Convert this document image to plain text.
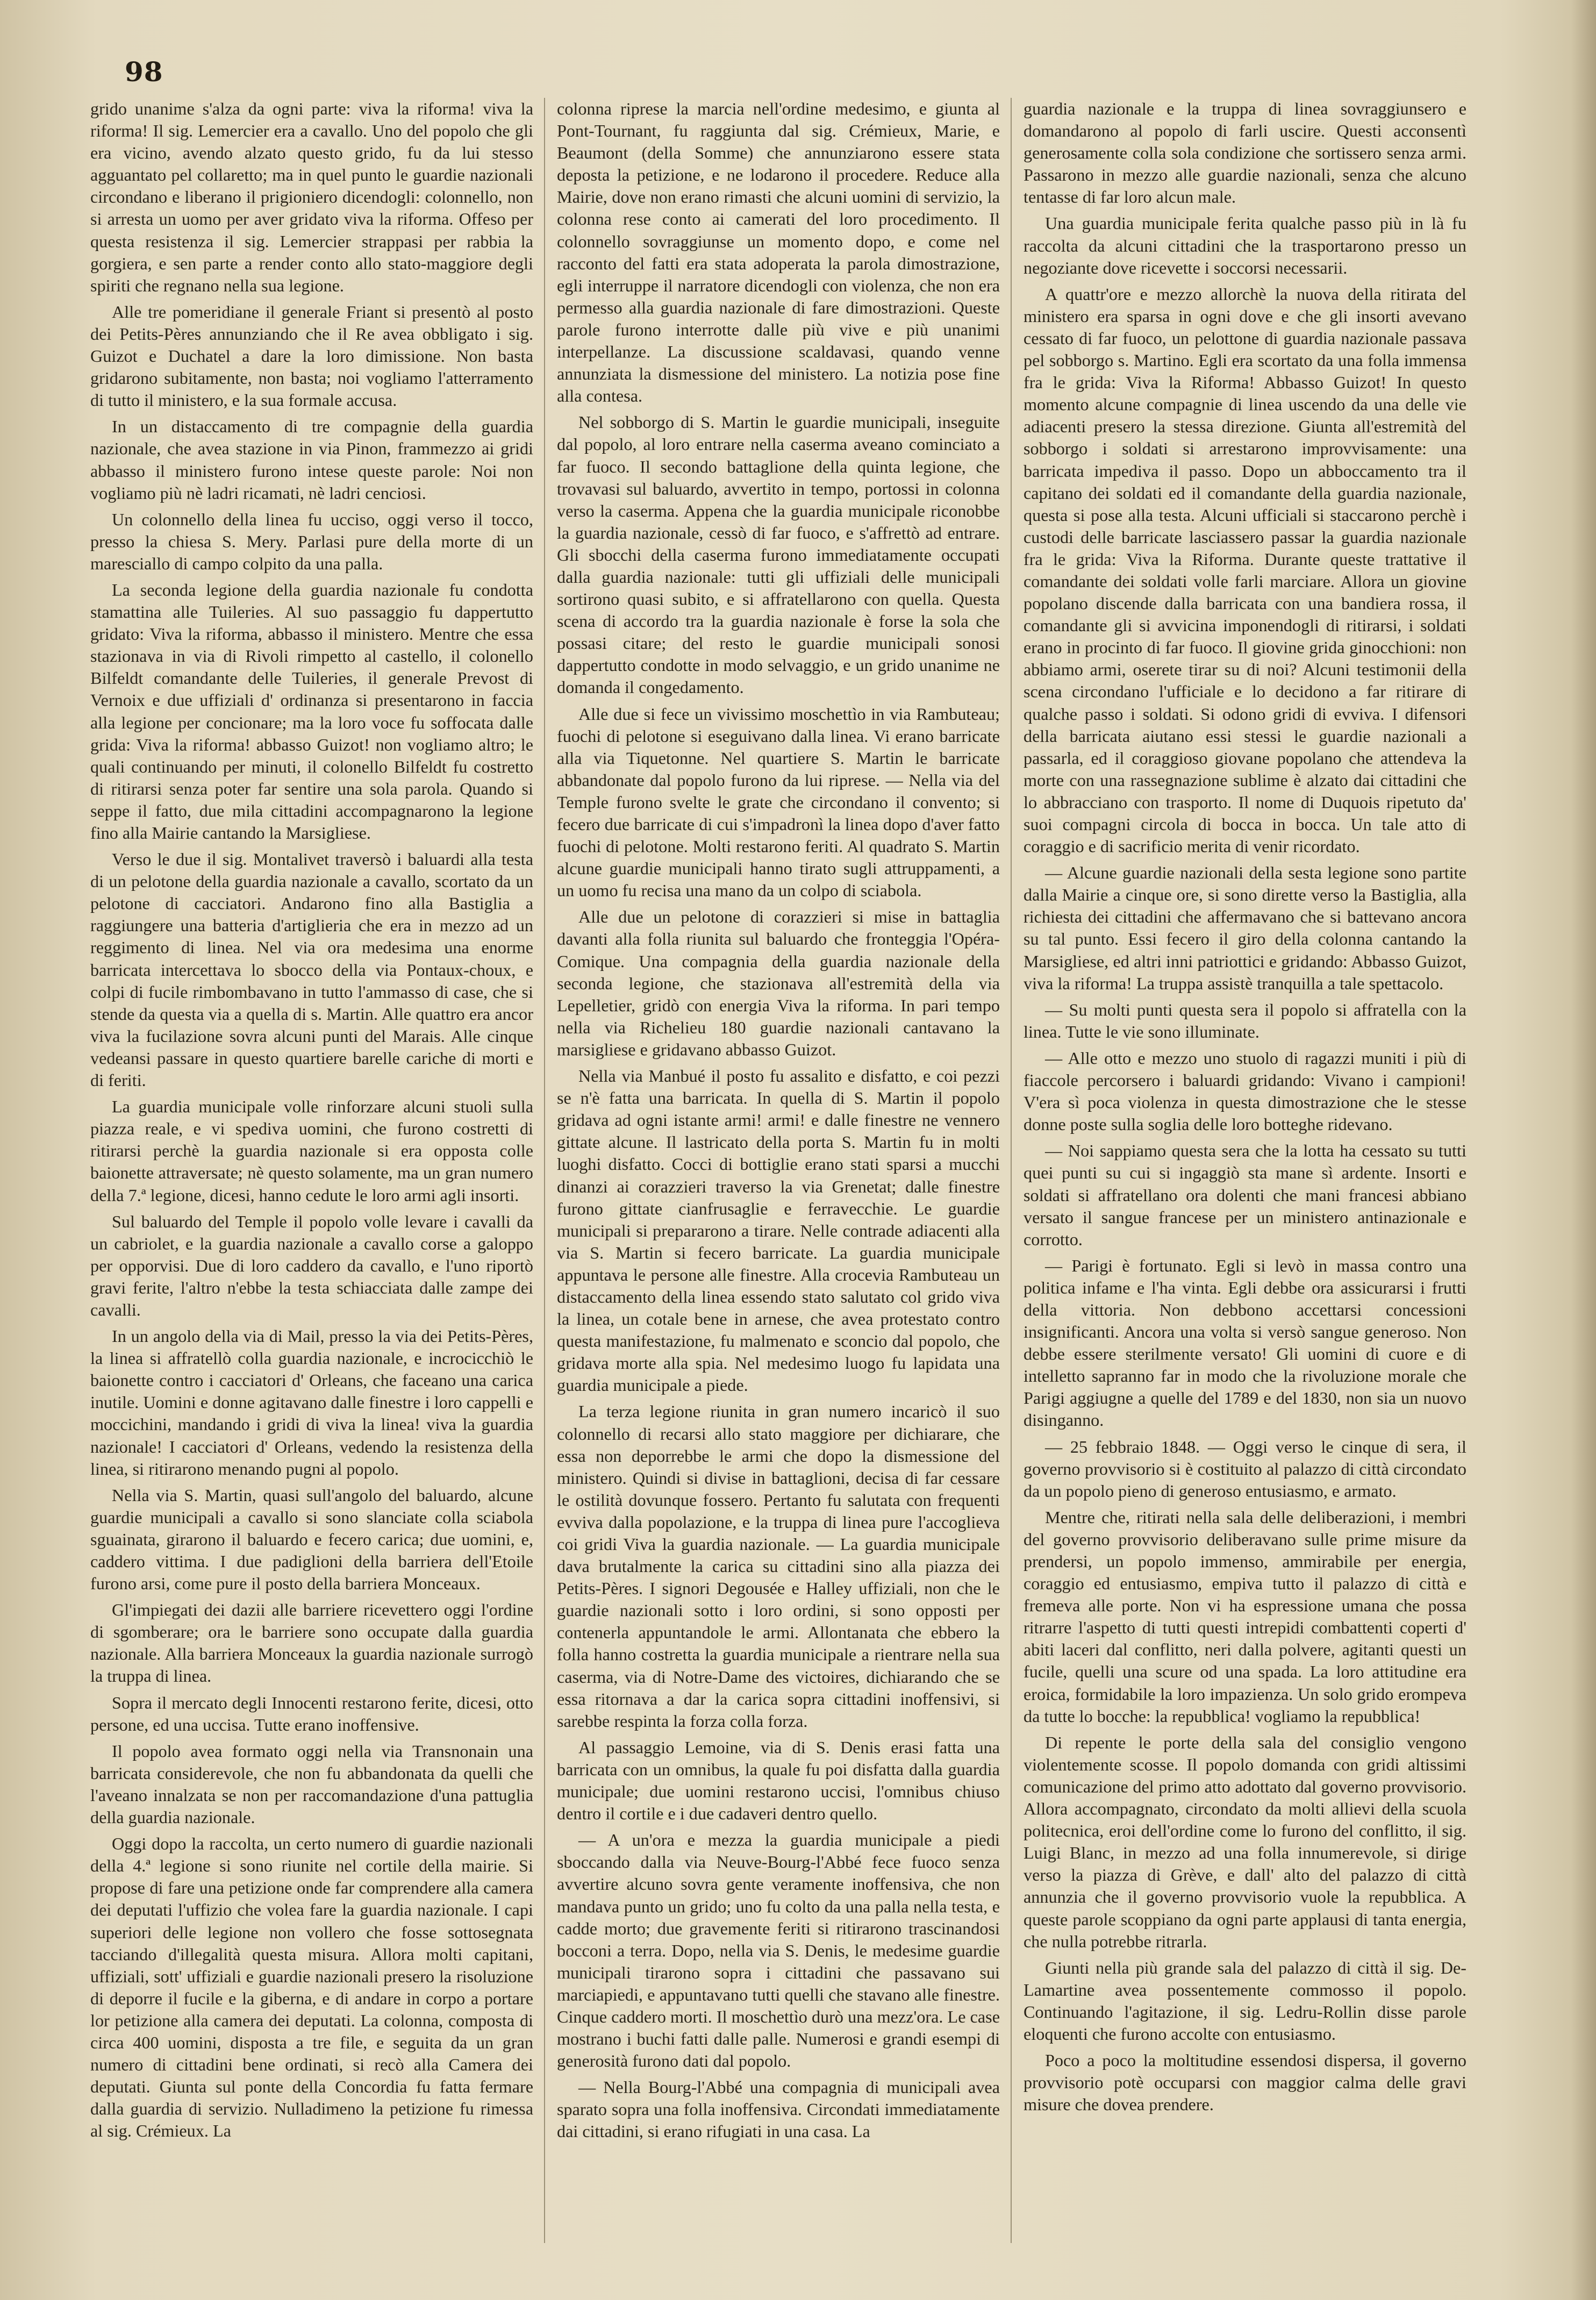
98

grido unanime s'alza da ogni parte: viva la riforma! viva la riforma! Il sig. Lemercier era a cavallo. Uno del popolo che gli era vicino, avendo alzato questo grido, fu da lui stesso agguantato pel collaretto; ma in quel punto le guardie nazionali circondano e liberano il prigioniero dicendogli: colonnello, non si arresta un uomo per aver gridato viva la riforma. Offeso per questa resistenza il sig. Lemercier strappasi per rabbia la gorgiera, e sen parte a render conto allo stato-maggiore degli spiriti che regnano nella sua legione.

Alle tre pomeridiane il generale Friant si presentò al posto dei Petits-Pères annunziando che il Re avea obbligato i sig. Guizot e Duchatel a dare la loro dimissione. Non basta gridarono subitamente, non basta; noi vogliamo l'atterramento di tutto il ministero, e la sua formale accusa.

In un distaccamento di tre compagnie della guardia nazionale, che avea stazione in via Pinon, frammezzo ai gridi abbasso il ministero furono intese queste parole: Noi non vogliamo più nè ladri ricamati, nè ladri cenciosi.

Un colonnello della linea fu ucciso, oggi verso il tocco, presso la chiesa S. Mery. Parlasi pure della morte di un maresciallo di campo colpito da una palla.

La seconda legione della guardia nazionale fu condotta stamattina alle Tuileries. Al suo passaggio fu dappertutto gridato: Viva la riforma, abbasso il ministero. Mentre che essa stazionava in via di Rivoli rimpetto al castello, il colonello Bilfeldt comandante delle Tuileries, il generale Prevost di Vernoix e due uffiziali d' ordinanza si presentarono in faccia alla legione per concionare; ma la loro voce fu soffocata dalle grida: Viva la riforma! abbasso Guizot! non vogliamo altro; le quali continuando per minuti, il colonello Bilfeldt fu costretto di ritirarsi senza poter far sentire una sola parola. Quando si seppe il fatto, due mila cittadini accompagnarono la legione fino alla Mairie cantando la Marsigliese.

Verso le due il sig. Montalivet traversò i baluardi alla testa di un pelotone della guardia nazionale a cavallo, scortato da un pelotone di cacciatori. Andarono fino alla Bastiglia a raggiungere una batteria d'artiglieria che era in mezzo ad un reggimento di linea. Nel via ora medesima una enorme barricata intercettava lo sbocco della via Pontaux-choux, e colpi di fucile rimbombavano in tutto l'ammasso di case, che si stende da questa via a quella di s. Martin. Alle quattro era ancor viva la fucilazione sovra alcuni punti del Marais. Alle cinque vedeansi passare in questo quartiere barelle cariche di morti e di feriti.

La guardia municipale volle rinforzare alcuni stuoli sulla piazza reale, e vi spediva uomini, che furono costretti di ritirarsi perchè la guardia nazionale si era opposta colle baionette attraversate; nè questo solamente, ma un gran numero della 7.ª legione, dicesi, hanno cedute le loro armi agli insorti.

Sul baluardo del Temple il popolo volle levare i cavalli da un cabriolet, e la guardia nazionale a cavallo corse a galoppo per opporvisi. Due di loro caddero da cavallo, e l'uno riportò gravi ferite, l'altro n'ebbe la testa schiacciata dalle zampe dei cavalli.

In un angolo della via di Mail, presso la via dei Petits-Pères, la linea si affratellò colla guardia nazionale, e incrocicchiò le baionette contro i cacciatori d' Orleans, che faceano una carica inutile. Uomini e donne agitavano dalle finestre i loro cappelli e moccichini, mandando i gridi di viva la linea! viva la guardia nazionale! I cacciatori d' Orleans, vedendo la resistenza della linea, si ritirarono menando pugni al popolo.

Nella via S. Martin, quasi sull'angolo del baluardo, alcune guardie municipali a cavallo si sono slanciate colla sciabola sguainata, girarono il baluardo e fecero carica; due uomini, e, caddero vittima. I due padiglioni della barriera dell'Etoile furono arsi, come pure il posto della barriera Monceaux.

Gl'impiegati dei dazii alle barriere ricevettero oggi l'ordine di sgomberare; ora le barriere sono occupate dalla guardia nazionale. Alla barriera Monceaux la guardia nazionale surrogò la truppa di linea.

Sopra il mercato degli Innocenti restarono ferite, dicesi, otto persone, ed una uccisa. Tutte erano inoffensive.

Il popolo avea formato oggi nella via Transnonain una barricata considerevole, che non fu abbandonata da quelli che l'aveano innalzata se non per raccomandazione d'una pattuglia della guardia nazionale.

Oggi dopo la raccolta, un certo numero di guardie nazionali della 4.ª legione si sono riunite nel cortile della mairie. Si propose di fare una petizione onde far comprendere alla camera dei deputati l'uffizio che volea fare la guardia nazionale. I capi superiori delle legione non vollero che fosse sottosegnata tacciando d'illegalità questa misura. Allora molti capitani, uffiziali, sott' uffiziali e guardie nazionali presero la risoluzione di deporre il fucile e la giberna, e di andare in corpo a portare lor petizione alla camera dei deputati. La colonna, composta di circa 400 uomini, disposta a tre file, e seguita da un gran numero di cittadini bene ordinati, si recò alla Camera dei deputati. Giunta sul ponte della Concordia fu fatta fermare dalla guardia di servizio. Nulladimeno la petizione fu rimessa al sig. Crémieux. La

colonna riprese la marcia nell'ordine medesimo, e giunta al Pont-Tournant, fu raggiunta dal sig. Crémieux, Marie, e Beaumont (della Somme) che annunziarono essere stata deposta la petizione, e ne lodarono il procedere. Reduce alla Mairie, dove non erano rimasti che alcuni uomini di servizio, la colonna rese conto ai camerati del loro procedimento. Il colonnello sovraggiunse un momento dopo, e come nel racconto del fatti era stata adoperata la parola dimostrazione, egli interruppe il narratore dicendogli con violenza, che non era permesso alla guardia nazionale di fare dimostrazioni. Queste parole furono interrotte dalle più vive e più unanimi interpellanze. La discussione scaldavasi, quando venne annunziata la dismessione del ministero. La notizia pose fine alla contesa.

Nel sobborgo di S. Martin le guardie municipali, inseguite dal popolo, al loro entrare nella caserma aveano cominciato a far fuoco. Il secondo battaglione della quinta legione, che trovavasi sul baluardo, avvertito in tempo, portossi in colonna verso la caserma. Appena che la guardia municipale riconobbe la guardia nazionale, cessò di far fuoco, e s'affrettò ad entrare. Gli sbocchi della caserma furono immediatamente occupati dalla guardia nazionale: tutti gli uffiziali delle municipali sortirono quasi subito, e si affratellarono con quella. Questa scena di accordo tra la guardia nazionale è forse la sola che possasi citare; del resto le guardie municipali sonosi dappertutto condotte in modo selvaggio, e un grido unanime ne domanda il congedamento.

Alle due si fece un vivissimo moschettìo in via Rambuteau; fuochi di pelotone si eseguivano dalla linea. Vi erano barricate alla via Tiquetonne. Nel quartiere S. Martin le barricate abbandonate dal popolo furono da lui riprese. — Nella via del Temple furono svelte le grate che circondano il convento; si fecero due barricate di cui s'impadronì la linea dopo d'aver fatto fuochi di pelotone. Molti restarono feriti. Al quadrato S. Martin alcune guardie municipali hanno tirato sugli attruppamenti, a un uomo fu recisa una mano da un colpo di sciabola.

Alle due un pelotone di corazzieri si mise in battaglia davanti alla folla riunita sul baluardo che fronteggia l'Opéra-Comique. Una compagnia della guardia nazionale della seconda legione, che stazionava all'estremità della via Lepelletier, gridò con energia Viva la riforma. In pari tempo nella via Richelieu 180 guardie nazionali cantavano la marsigliese e gridavano abbasso Guizot.

Nella via Manbué il posto fu assalito e disfatto, e coi pezzi se n'è fatta una barricata. In quella di S. Martin il popolo gridava ad ogni istante armi! armi! e dalle finestre ne vennero gittate alcune. Il lastricato della porta S. Martin fu in molti luoghi disfatto. Cocci di bottiglie erano stati sparsi a mucchi dinanzi ai corazzieri traverso la via Grenetat; dalle finestre furono gittate cianfrusaglie e ferravecchie. Le guardie municipali si prepararono a tirare. Nelle contrade adiacenti alla via S. Martin si fecero barricate. La guardia municipale appuntava le persone alle finestre. Alla crocevia Rambuteau un distaccamento della linea essendo stato salutato col grido viva la linea, un cotale bene in arnese, che avea protestato contro questa manifestazione, fu malmenato e sconcio dal popolo, che gridava morte alla spia. Nel medesimo luogo fu lapidata una guardia municipale a piede.

La terza legione riunita in gran numero incaricò il suo colonnello di recarsi allo stato maggiore per dichiarare, che essa non deporrebbe le armi che dopo la dismessione del ministero. Quindi si divise in battaglioni, decisa di far cessare le ostilità dovunque fossero. Pertanto fu salutata con frequenti evviva dalla popolazione, e la truppa di linea pure l'accoglieva coi gridi Viva la guardia nazionale. — La guardia municipale dava brutalmente la carica su cittadini sino alla piazza dei Petits-Pères. I signori Degousée e Halley uffiziali, non che le guardie nazionali sotto i loro ordini, si sono opposti per contenerla appuntandole le armi. Allontanata che ebbero la folla hanno costretta la guardia municipale a rientrare nella sua caserma, via di Notre-Dame des victoires, dichiarando che se essa ritornava a dar la carica sopra cittadini inoffensivi, si sarebbe respinta la forza colla forza.

Al passaggio Lemoine, via di S. Denis erasi fatta una barricata con un omnibus, la quale fu poi disfatta dalla guardia municipale; due uomini restarono uccisi, l'omnibus chiuso dentro il cortile e i due cadaveri dentro quello.

— A un'ora e mezza la guardia municipale a piedi sboccando dalla via Neuve-Bourg-l'Abbé fece fuoco senza avvertire alcuno sovra gente veramente inoffensiva, che non mandava punto un grido; uno fu colto da una palla nella testa, e cadde morto; due gravemente feriti si ritirarono trascinandosi bocconi a terra. Dopo, nella via S. Denis, le medesime guardie municipali tirarono sopra i cittadini che passavano sui marciapiedi, e appuntavano tutti quelli che stavano alle finestre. Cinque caddero morti. Il moschettìo durò una mezz'ora. Le case mostrano i buchi fatti dalle palle. Numerosi e grandi esempi di generosità furono dati dal popolo.

— Nella Bourg-l'Abbé una compagnia di municipali avea sparato sopra una folla inoffensiva. Circondati immediatamente dai cittadini, si erano rifugiati in una casa. La

guardia nazionale e la truppa di linea sovraggiunsero e domandarono al popolo di farli uscire. Questi acconsentì generosamente colla sola condizione che sortissero senza armi. Passarono in mezzo alle guardie nazionali, senza che alcuno tentasse di far loro alcun male.

Una guardia municipale ferita qualche passo più in là fu raccolta da alcuni cittadini che la trasportarono presso un negoziante dove ricevette i soccorsi necessarii.

A quattr'ore e mezzo allorchè la nuova della ritirata del ministero era sparsa in ogni dove e che gli insorti avevano cessato di far fuoco, un pelottone di guardia nazionale passava pel sobborgo s. Martino. Egli era scortato da una folla immensa fra le grida: Viva la Riforma! Abbasso Guizot! In questo momento alcune compagnie di linea uscendo da una delle vie adiacenti presero la stessa direzione. Giunta all'estremità del sobborgo i soldati si arrestarono improvvisamente: una barricata impediva il passo. Dopo un abboccamento tra il capitano dei soldati ed il comandante della guardia nazionale, questa si pose alla testa. Alcuni ufficiali si staccarono perchè i custodi delle barricate lasciassero passar la guardia nazionale fra le grida: Viva la Riforma. Durante queste trattative il comandante dei soldati volle farli marciare. Allora un giovine popolano discende dalla barricata con una bandiera rossa, il comandante gli si avvicina imponendogli di ritirarsi, i soldati erano in procinto di far fuoco. Il giovine grida ginocchioni: non abbiamo armi, oserete tirar su di noi? Alcuni testimonii della scena circondano l'ufficiale e lo decidono a far ritirare di qualche passo i soldati. Si odono gridi di evviva. I difensori della barricata aiutano essi stessi le guardie nazionali a passarla, ed il coraggioso giovane popolano che attendeva la morte con una rassegnazione sublime è alzato dai cittadini che lo abbracciano con trasporto. Il nome di Duquois ripetuto da' suoi compagni circola di bocca in bocca. Un tale atto di coraggio e di sacrificio merita di venir ricordato.

— Alcune guardie nazionali della sesta legione sono partite dalla Mairie a cinque ore, si sono dirette verso la Bastiglia, alla richiesta dei cittadini che affermavano che si battevano ancora su tal punto. Essi fecero il giro della colonna cantando la Marsigliese, ed altri inni patriottici e gridando: Abbasso Guizot, viva la riforma! La truppa assistè tranquilla a tale spettacolo.

— Su molti punti questa sera il popolo si affratella con la linea. Tutte le vie sono illuminate.

— Alle otto e mezzo uno stuolo di ragazzi muniti i più di fiaccole percorsero i baluardi gridando: Vivano i campioni! V'era sì poca violenza in questa dimostrazione che le stesse donne poste sulla soglia delle loro botteghe ridevano.

— Noi sappiamo questa sera che la lotta ha cessato su tutti quei punti su cui si ingaggiò sta mane sì ardente. Insorti e soldati si affratellano ora dolenti che mani francesi abbiano versato il sangue francese per un ministero antinazionale e corrotto.

— Parigi è fortunato. Egli si levò in massa contro una politica infame e l'ha vinta. Egli debbe ora assicurarsi i frutti della vittoria. Non debbono accettarsi concessioni insignificanti. Ancora una volta si versò sangue generoso. Non debbe essere sterilmente versato! Gli uomini di cuore e di intelletto sapranno far in modo che la rivoluzione morale che Parigi aggiugne a quelle del 1789 e del 1830, non sia un nuovo disinganno.

— 25 febbraio 1848. — Oggi verso le cinque di sera, il governo provvisorio si è costituito al palazzo di città circondato da un popolo pieno di generoso entusiasmo, e armato.

Mentre che, ritirati nella sala delle deliberazioni, i membri del governo provvisorio deliberavano sulle prime misure da prendersi, un popolo immenso, ammirabile per energia, coraggio ed entusiasmo, empiva tutto il palazzo di città e fremeva alle porte. Non vi ha espressione umana che possa ritrarre l'aspetto di tutti questi intrepidi combattenti coperti d' abiti laceri dal conflitto, neri dalla polvere, agitanti questi un fucile, quelli una scure od una spada. La loro attitudine era eroica, formidabile la loro impazienza. Un solo grido erompeva da tutte lo bocche: la repubblica! vogliamo la repubblica!

Di repente le porte della sala del consiglio vengono violentemente scosse. Il popolo domanda con gridi altissimi comunicazione del primo atto adottato dal governo provvisorio. Allora accompagnato, circondato da molti allievi della scuola politecnica, eroi dell'ordine come lo furono del conflitto, il sig. Luigi Blanc, in mezzo ad una folla innumerevole, si dirige verso la piazza di Grève, e dall' alto del palazzo di città annunzia che il governo provvisorio vuole la repubblica. A queste parole scoppiano da ogni parte applausi di tanta energia, che nulla potrebbe ritrarla.

Giunti nella più grande sala del palazzo di città il sig. De-Lamartine avea possentemente commosso il popolo. Continuando l'agitazione, il sig. Ledru-Rollin disse parole eloquenti che furono accolte con entusiasmo.

Poco a poco la moltitudine essendosi dispersa, il governo provvisorio potè occuparsi con maggior calma delle gravi misure che dovea prendere.
